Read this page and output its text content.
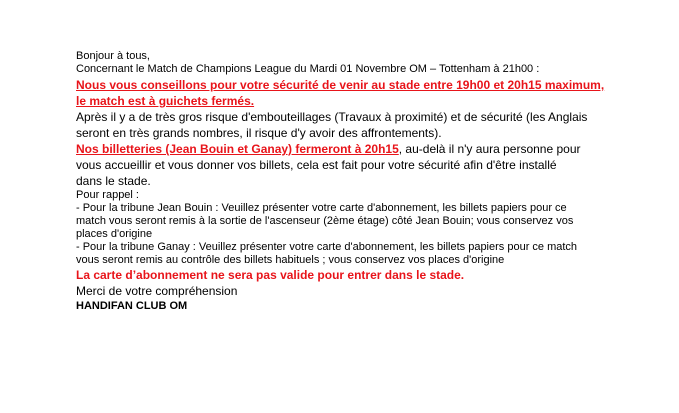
Bonjour à tous,
Concernant le Match de Champions League du Mardi 01 Novembre OM – Tottenham à 21h00 :
Nous vous conseillons pour votre sécurité de venir au stade entre 19h00 et 20h15 maximum,
le match est à guichets fermés.
Après il y a de très gros risque d'embouteillages (Travaux à proximité) et de sécurité (les Anglais
seront en très grands nombres, il risque d'y avoir des affrontements).
Nos billetteries (Jean Bouin et Ganay) fermeront à 20h15, au-delà il n'y aura personne pour
vous accueillir et vous donner vos billets, cela est fait pour votre sécurité afin d'être installé
dans le stade.
Pour rappel :
- Pour la tribune Jean Bouin : Veuillez présenter votre carte d'abonnement, les billets papiers pour ce
match vous seront remis à la sortie de l'ascenseur (2ème étage) côté Jean Bouin; vous conservez vos
places d'origine
- Pour la tribune Ganay : Veuillez présenter votre carte d'abonnement, les billets papiers pour ce match
vous seront remis au contrôle des billets habituels ; vous conservez vos places d'origine
La carte d’abonnement ne sera pas valide pour entrer dans le stade.
Merci de votre compréhension
HANDIFAN CLUB OM
